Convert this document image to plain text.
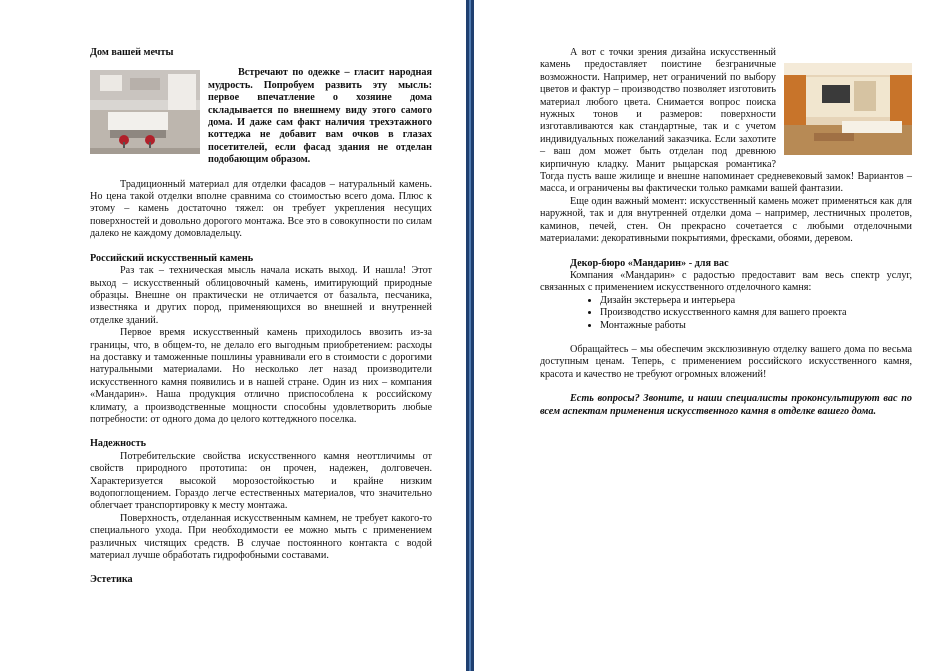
Дом вашей мечты

Встречают по одежке – гласит народная мудрость. Попробуем развить эту мысль: первое впечатление о хозяине дома складывается по внешнему виду этого самого дома. И даже сам факт наличия трехэтажного коттеджа не добавит вам очков в глазах посетителей, если фасад здания не отделан подобающим образом.

Традиционный материал для отделки фасадов – натуральный камень. Но цена такой отделки вполне сравнима со стоимостью всего дома. Плюс к этому – камень достаточно тяжел: он требует укрепления несущих поверхностей и довольно дорогого монтажа. Все это в совокупности по силам далеко не каждому домовладельцу.

Российский искусственный камень

Раз так – техническая мысль начала искать выход. И нашла! Этот выход – искусственный облицовочный камень, имитирующий природные образцы. Внешне он практически не отличается от базальта, песчаника, известняка и других пород, применяющихся во внешней и внутренней отделке зданий.

Первое время искусственный камень приходилось ввозить из-за границы, что, в общем-то, не делало его выгодным приобретением: расходы на доставку и таможенные пошлины уравнивали его в стоимости с дорогими натуральными материалами. Но несколько лет назад производители искусственного камня появились и в нашей стране. Один из них – компания «Мандарин». Наша продукция отлично приспособлена к российскому климату, а производственные мощности способны удовлетворить любые потребности: от одного дома до целого коттеджного поселка.

Надежность

Потребительские свойства искусственного камня неоттличимы от свойств природного прототипа: он прочен, надежен, долговечен. Характеризуется высокой морозостойкостью и крайне низким водопоглощением. Гораздо легче естественных материалов, что значительно облегчает транспортировку к месту монтажа.

Поверхность, отделанная искусственным камнем, не требует какого-то специального ухода. При необходимости ее можно мыть с применением различных чистящих средств. В случае постоянного контакта с водой материал лучше обработать гидрофобными составами.

Эстетика

А вот с точки зрения дизайна искусственный камень предоставляет поистине безграничные возможности. Например, нет ограничений по выбору цветов и фактур – производство позволяет изготовить материал любого цвета. Снимается вопрос поиска нужных тонов и размеров: поверхности изготавливаются как стандартные, так и с учетом индивидуальных пожеланий заказчика. Если захотите – ваш дом может быть отделан под древнюю кирпичную кладку. Манит рыцарская романтика? Тогда пусть ваше жилище и внешне напоминает средневековый замок! Вариантов – масса, и ограничены вы фактически только рамками вашей фантазии.

Еще один важный момент: искусственный камень может применяться как для наружной, так и для внутренней отделки дома – например, лестничных пролетов, каминов, печей, стен. Он прекрасно сочетается с любыми отделочными материалами: декоративными покрытиями, фресками, обоями, деревом.

Декор-бюро «Мандарин» - для вас

Компания «Мандарин» с радостью предоставит вам весь спектр услуг, связанных с применением искусственного отделочного камня:

• Дизайн экстерьера и интерьера
• Производство искусственного камня для вашего проекта
• Монтажные работы

Обращайтесь – мы обеспечим эксклюзивную отделку вашего дома по весьма доступным ценам. Теперь, с применением российского искусственного камня, красота и качество не требуют огромных вложений!

Есть вопросы? Звоните, и наши специалисты проконсультируют вас по всем аспектам применения искусственного камня в отделке вашего дома.
